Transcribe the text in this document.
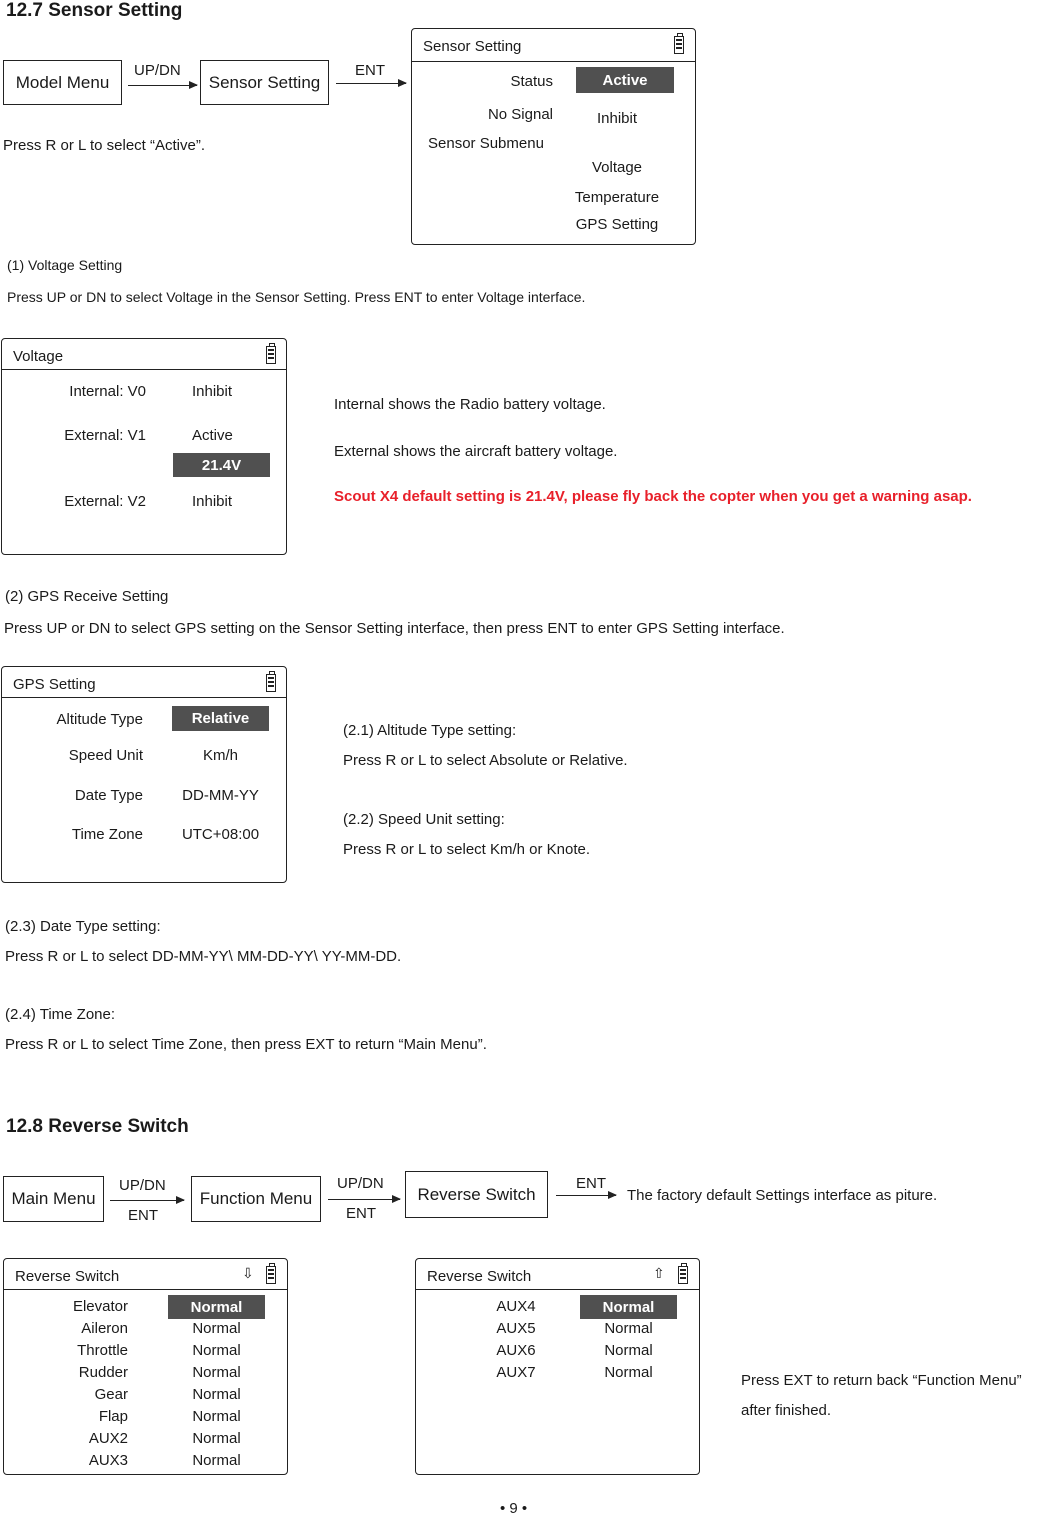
12.7 Sensor Setting
Model Menu
UP/DN
Sensor Setting
ENT
Press R or L to select “Active”.
Sensor Setting
Status	Active
No Signal	Inhibit
Sensor Submenu
Voltage
Temperature
GPS Setting
(1) Voltage Setting
Press UP or DN to select Voltage in the Sensor Setting. Press ENT to enter Voltage interface.
Voltage
Internal: V0	Inhibit
External: V1	Active
21.4V
External: V2	Inhibit
Internal shows the Radio battery voltage.
External shows the aircraft battery voltage.
Scout X4 default setting is 21.4V, please fly back the copter when you get a warning asap.
(2) GPS Receive Setting
Press UP or DN to select GPS setting on the Sensor Setting interface, then press ENT to enter GPS Setting interface.
GPS Setting
Altitude Type	Relative
Speed Unit	Km/h
Date Type	DD-MM-YY
Time Zone	UTC+08:00
(2.1) Altitude Type setting:
Press R or L to select Absolute or Relative.
(2.2) Speed Unit setting:
Press R or L to select Km/h or Knote.
(2.3) Date Type setting:
Press R or L to select DD-MM-YY\ MM-DD-YY\ YY-MM-DD.
(2.4) Time Zone:
Press R or L to select Time Zone, then press EXT to return “Main Menu”.
12.8 Reverse Switch
Main Menu
UP/DN
ENT
Function Menu
UP/DN
ENT
Reverse Switch
ENT
The factory default Settings interface as piture.
Reverse Switch	⇩
Elevator	Normal
Aileron	Normal
Throttle	Normal
Rudder	Normal
Gear	Normal
Flap	Normal
AUX2	Normal
AUX3	Normal
Reverse Switch	⇧
AUX4	Normal
AUX5	Normal
AUX6	Normal
AUX7	Normal	Press EXT to return back “Function Menu”
after finished.
• 9 •
